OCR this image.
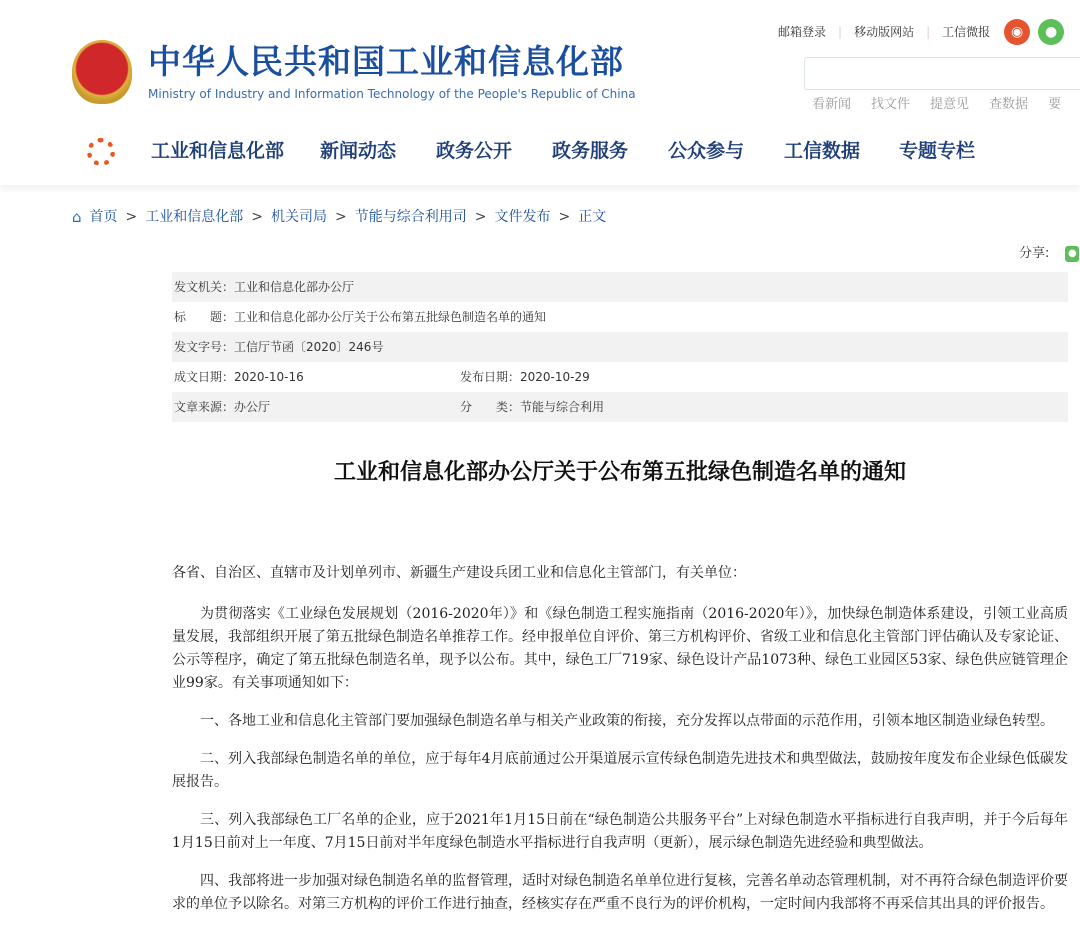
邮箱登录 | 移动版网站 | 工信微报	◉	●
看新闻 找文件 提意见 查数据 要
中华人民共和国工业和信息化部
Ministry of Industry and Information Technology of the People's Republic of China
工业和信息化部 新闻动态 政务公开 政务服务 公众参与 工信数据 专题专栏
⌂ 首页 > 工业和信息化部 > 机关司局 > 节能与综合利用司 > 文件发布 > 正文
分享: ●
发文机关：工业和信息化部办公厅
标　　题：工业和信息化部办公厅关于公布第五批绿色制造名单的通知
发文字号：工信厅节函〔2020〕246号
成文日期：2020-10-16	发布日期：2020-10-29
文章来源：办公厅	分　　类：节能与综合利用
工业和信息化部办公厅关于公布第五批绿色制造名单的通知

各省、自治区、直辖市及计划单列市、新疆生产建设兵团工业和信息化主管部门，有关单位：

为贯彻落实《工业绿色发展规划（2016-2020年）》和《绿色制造工程实施指南（2016-2020年）》，加快绿色制造体系建设，引领工业高质量发展，我部组织开展了第五批绿色制造名单推荐工作。经申报单位自评价、第三方机构评价、省级工业和信息化主管部门评估确认及专家论证、公示等程序，确定了第五批绿色制造名单，现予以公布。其中，绿色工厂719家、绿色设计产品1073种、绿色工业园区53家、绿色供应链管理企业99家。有关事项通知如下：

一、各地工业和信息化主管部门要加强绿色制造名单与相关产业政策的衔接，充分发挥以点带面的示范作用，引领本地区制造业绿色转型。

二、列入我部绿色制造名单的单位，应于每年4月底前通过公开渠道展示宣传绿色制造先进技术和典型做法，鼓励按年度发布企业绿色低碳发展报告。

三、列入我部绿色工厂名单的企业，应于2021年1月15日前在“绿色制造公共服务平台”上对绿色制造水平指标进行自我声明，并于今后每年1月15日前对上一年度、7月15日前对半年度绿色制造水平指标进行自我声明（更新），展示绿色制造先进经验和典型做法。

四、我部将进一步加强对绿色制造名单的监督管理，适时对绿色制造名单单位进行复核，完善名单动态管理机制，对不再符合绿色制造评价要求的单位予以除名。对第三方机构的评价工作进行抽查，经核实存在严重不良行为的评价机构，一定时间内我部将不再采信其出具的评价报告。
